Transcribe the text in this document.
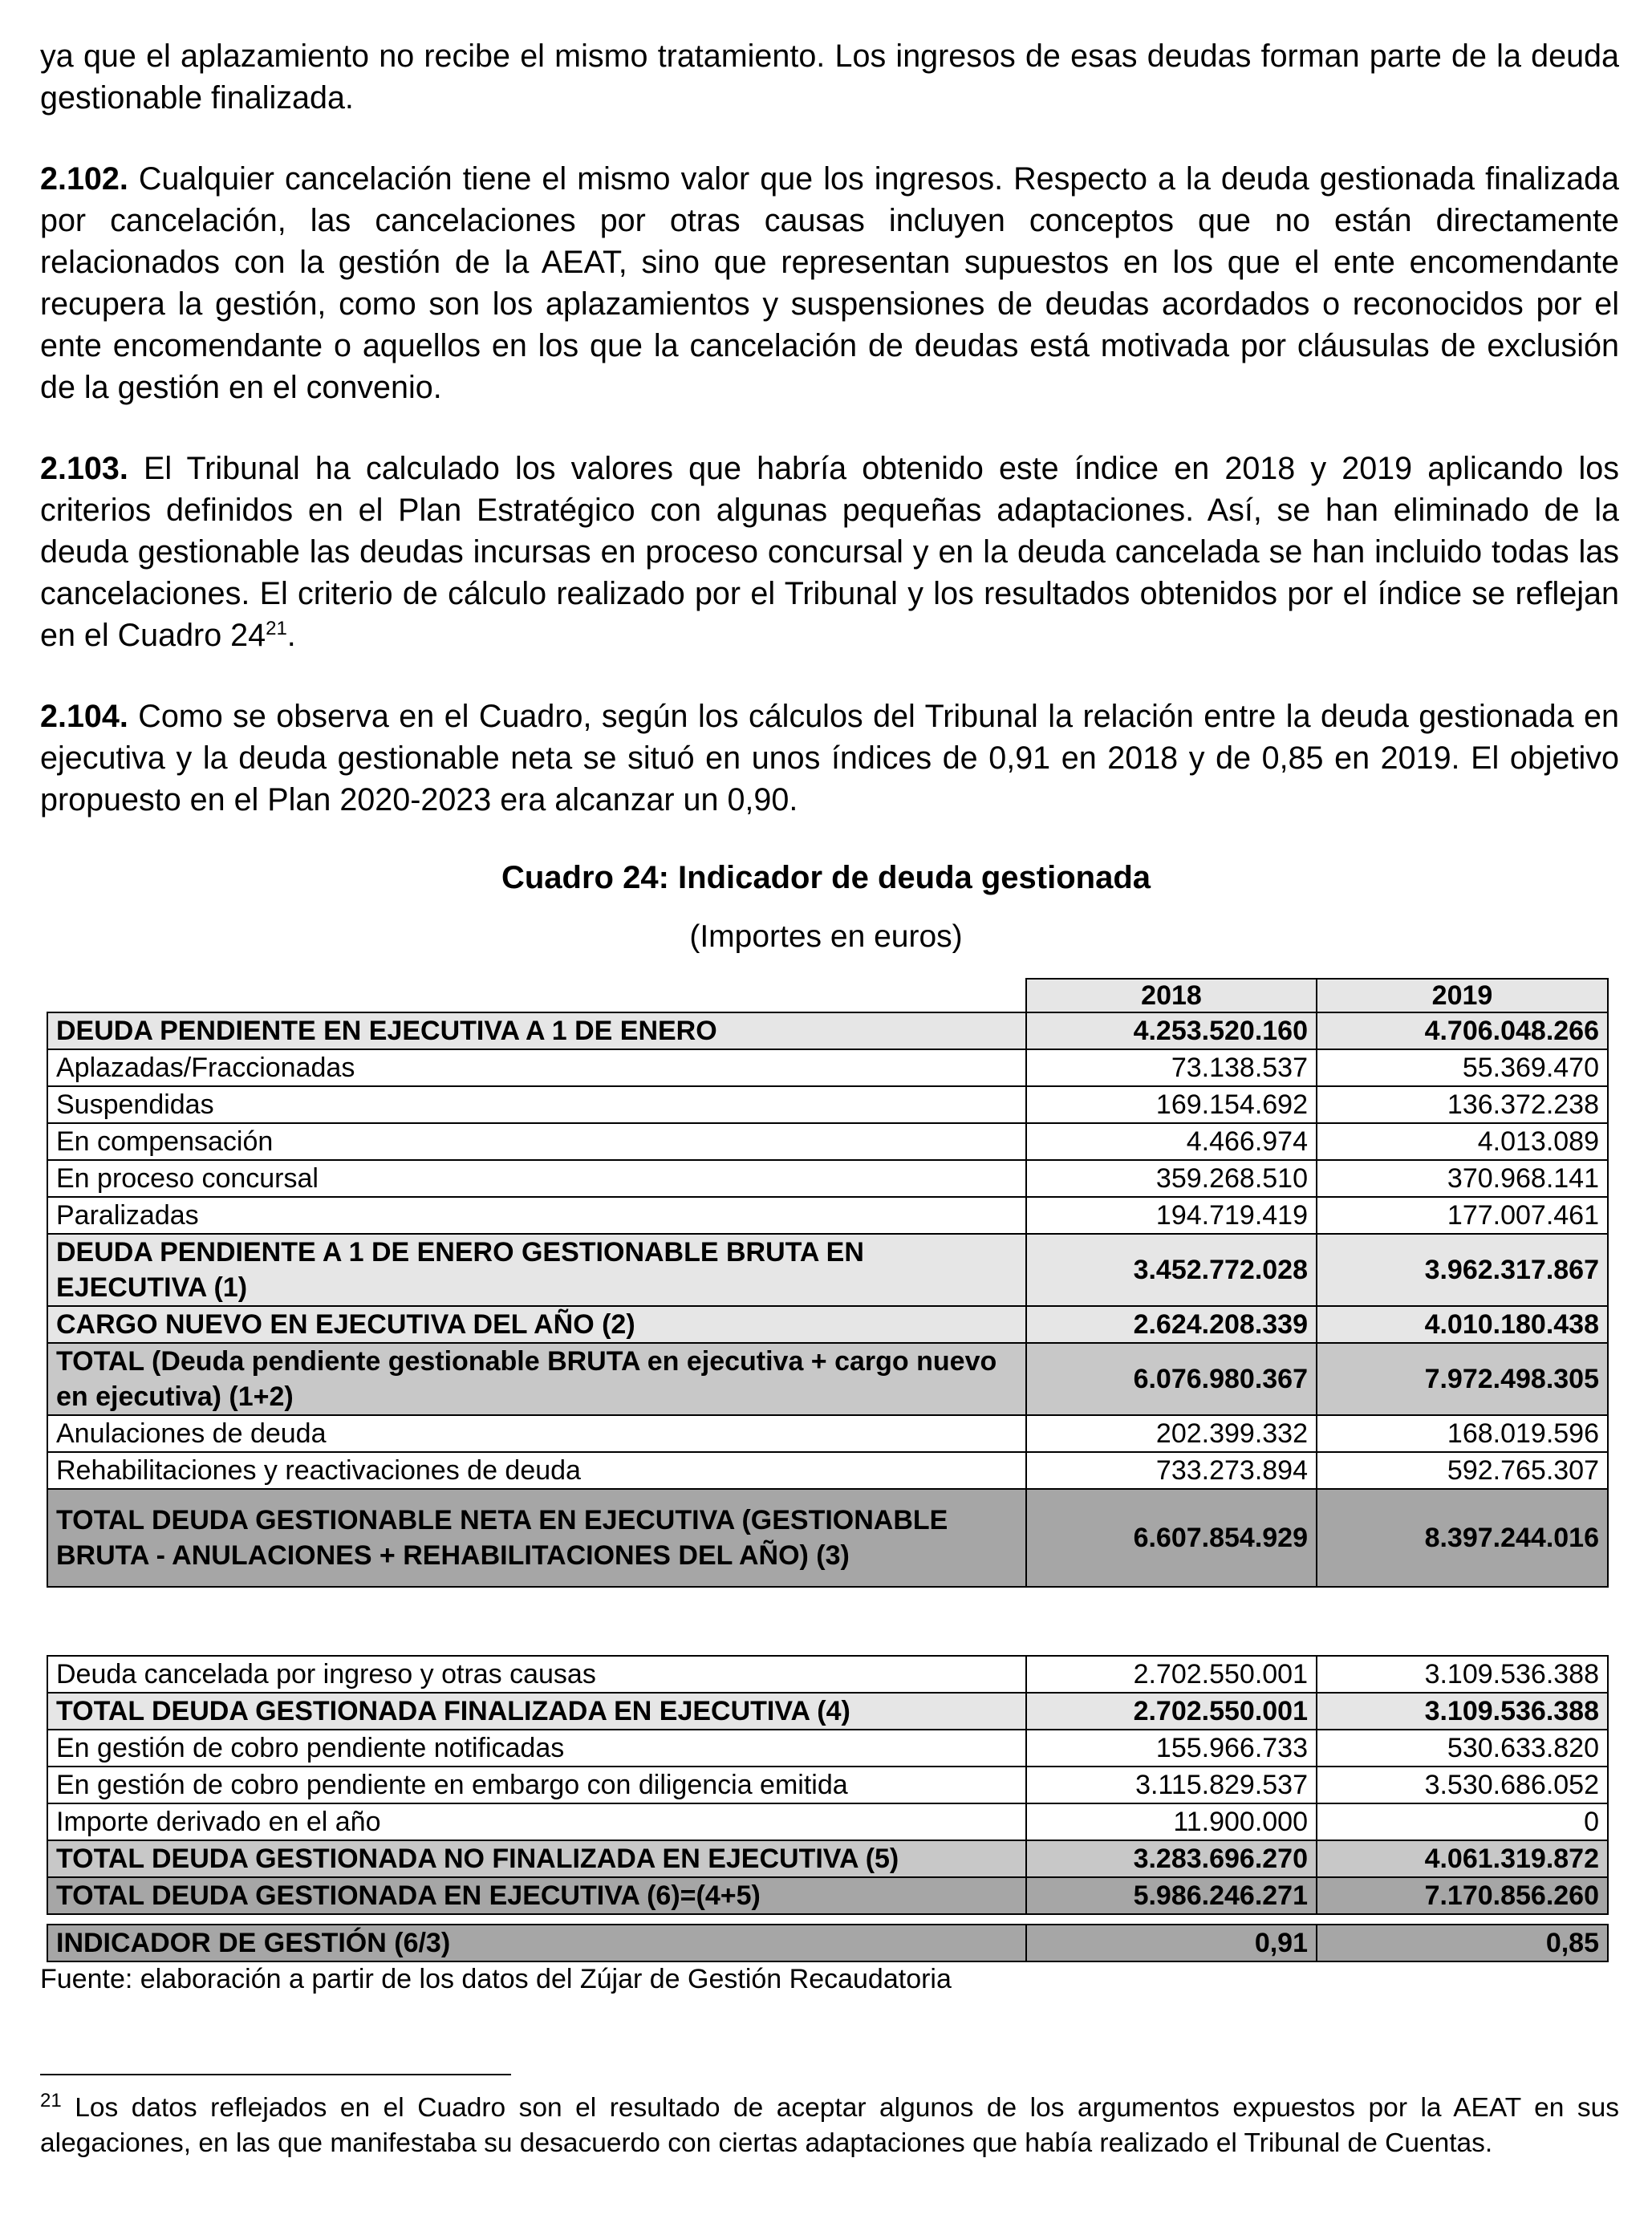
ya que el aplazamiento no recibe el mismo tratamiento. Los ingresos de esas deudas forman parte de la deuda gestionable finalizada.

2.102. Cualquier cancelación tiene el mismo valor que los ingresos. Respecto a la deuda gestionada finalizada por cancelación, las cancelaciones por otras causas incluyen conceptos que no están directamente relacionados con la gestión de la AEAT, sino que representan supuestos en los que el ente encomendante recupera la gestión, como son los aplazamientos y suspensiones de deudas acordados o reconocidos por el ente encomendante o aquellos en los que la cancelación de deudas está motivada por cláusulas de exclusión de la gestión en el convenio.

2.103. El Tribunal ha calculado los valores que habría obtenido este índice en 2018 y 2019 aplicando los criterios definidos en el Plan Estratégico con algunas pequeñas adaptaciones. Así, se han eliminado de la deuda gestionable las deudas incursas en proceso concursal y en la deuda cancelada se han incluido todas las cancelaciones. El criterio de cálculo realizado por el Tribunal y los resultados obtenidos por el índice se reflejan en el Cuadro $24^{21}$.

2.104. Como se observa en el Cuadro, según los cálculos del Tribunal la relación entre la deuda gestionada en ejecutiva y la deuda gestionable neta se situó en unos índices de 0,91 en 2018 y de 0,85 en 2019. El objetivo propuesto en el Plan 2020-2023 era alcanzar un 0,90.

Cuadro 24: Indicador de deuda gestionada
(Importes en euros)
	2018	2019
DEUDA PENDIENTE EN EJECUTIVA A 1 DE ENERO	4.253.520.160	4.706.048.266
Aplazadas/Fraccionadas	73.138.537	55.369.470
Suspendidas	169.154.692	136.372.238
En compensación	4.466.974	4.013.089
En proceso concursal	359.268.510	370.968.141
Paralizadas	194.719.419	177.007.461
DEUDA PENDIENTE A 1 DE ENERO GESTIONABLE BRUTA EN EJECUTIVA (1)	3.452.772.028	3.962.317.867
CARGO NUEVO EN EJECUTIVA DEL AÑO (2)	2.624.208.339	4.010.180.438
TOTAL (Deuda pendiente gestionable BRUTA en ejecutiva + cargo nuevo en ejecutiva) (1+2)	6.076.980.367	7.972.498.305
Anulaciones de deuda	202.399.332	168.019.596
Rehabilitaciones y reactivaciones de deuda	733.273.894	592.765.307
TOTAL DEUDA GESTIONABLE NETA EN EJECUTIVA (GESTIONABLE BRUTA - ANULACIONES + REHABILITACIONES DEL AÑO) (3)	6.607.854.929	8.397.244.016
Deuda cancelada por ingreso y otras causas	2.702.550.001	3.109.536.388
TOTAL DEUDA GESTIONADA FINALIZADA EN EJECUTIVA (4)	2.702.550.001	3.109.536.388
En gestión de cobro pendiente notificadas	155.966.733	530.633.820
En gestión de cobro pendiente en embargo con diligencia emitida	3.115.829.537	3.530.686.052
Importe derivado en el año	11.900.000	0
TOTAL DEUDA GESTIONADA NO FINALIZADA EN EJECUTIVA (5)	3.283.696.270	4.061.319.872
TOTAL DEUDA GESTIONADA EN EJECUTIVA (6)=(4+5)	5.986.246.271	7.170.856.260
INDICADOR DE GESTIÓN (6/3)	0,91	0,85
Fuente: elaboración a partir de los datos del Zújar de Gestión Recaudatoria
$^{21}$ Los datos reflejados en el Cuadro son el resultado de aceptar algunos de los argumentos expuestos por la AEAT en sus alegaciones, en las que manifestaba su desacuerdo con ciertas adaptaciones que había realizado el Tribunal de Cuentas.
